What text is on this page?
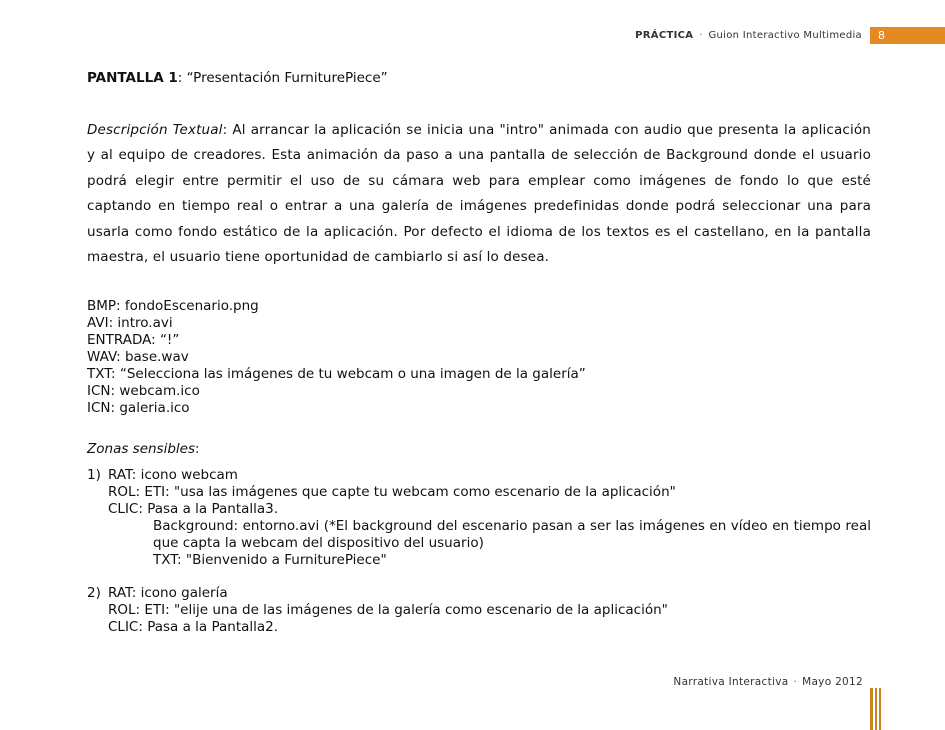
PRÁCTICA · Guion Interactivo Multimedia	8
PANTALLA 1: “Presentación FurniturePiece”
Descripción Textual: Al arrancar la aplicación se inicia una "intro" animada con audio que presenta la aplicación y al equipo de creadores. Esta animación da paso a una pantalla de selección de Background donde el usuario podrá elegir entre permitir el uso de su cámara web para emplear como imágenes de fondo lo que esté captando en tiempo real o entrar a una galería de imágenes predefinidas donde podrá seleccionar una para usarla como fondo estático de la aplicación. Por defecto el idioma de los textos es el castellano, en la pantalla maestra, el usuario tiene oportunidad de cambiarlo si así lo desea.
BMP: fondoEscenario.png
AVI: intro.avi
ENTRADA: “!”
WAV: base.wav
TXT: “Selecciona las imágenes de tu webcam o una imagen de la galería”
ICN: webcam.ico
ICN: galeria.ico
Zonas sensibles:
1) RAT: icono webcam
ROL: ETI: "usa las imágenes que capte tu webcam como escenario de la aplicación"
CLIC: Pasa a la Pantalla3.
Background: entorno.avi (*El background del escenario pasan a ser las imágenes en vídeo en tiempo real que capta la webcam del dispositivo del usuario)
TXT: "Bienvenido a FurniturePiece"
2) RAT: icono galería
ROL: ETI: "elije una de las imágenes de la galería como escenario de la aplicación"
CLIC: Pasa a la Pantalla2.
Narrativa Interactiva · Mayo 2012
